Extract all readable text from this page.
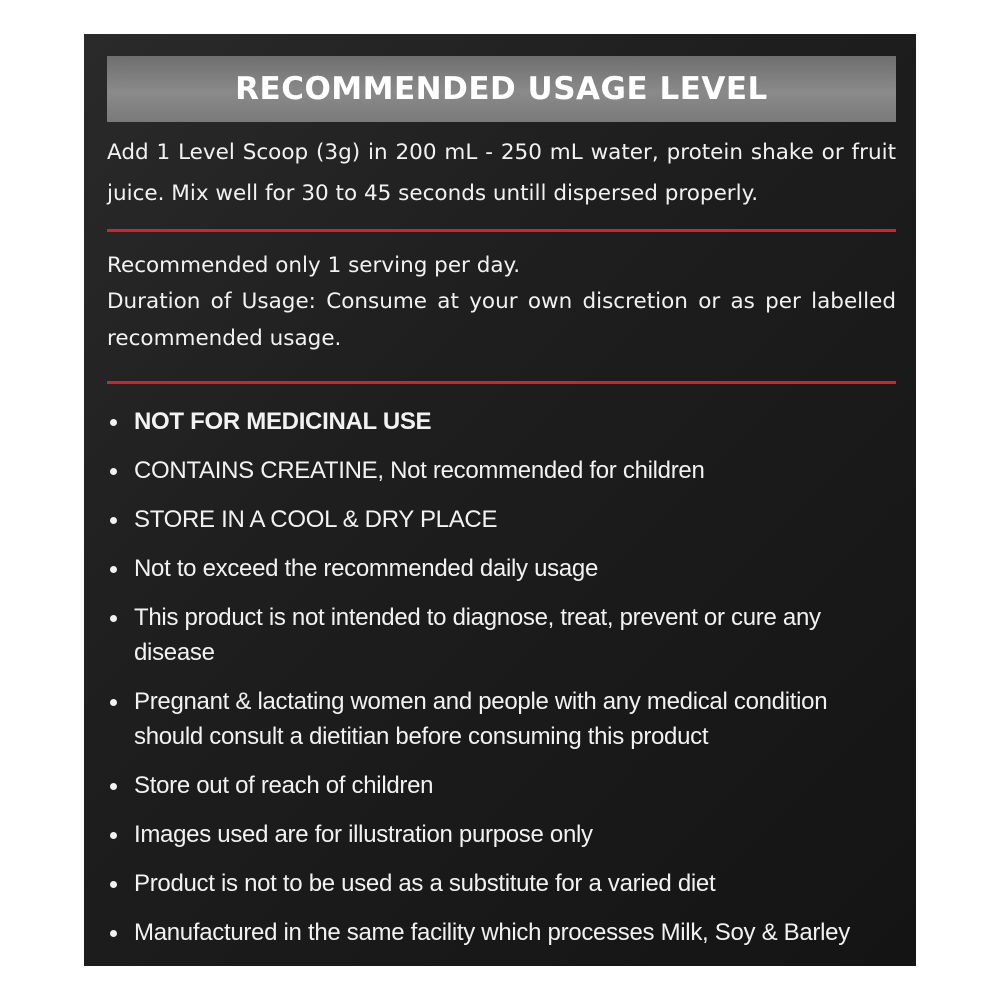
RECOMMENDED USAGE LEVEL

Add 1 Level Scoop (3g) in 200 mL - 250 mL water, protein shake or fruit juice. Mix well for 30 to 45 seconds untill dispersed properly.

Recommended only 1 serving per day.

Duration of Usage: Consume at your own discretion or as per labelled recommended usage.

NOT FOR MEDICINAL USE
CONTAINS CREATINE, Not recommended for children
STORE IN A COOL & DRY PLACE
Not to exceed the recommended daily usage
This product is not intended to diagnose, treat, prevent or cure any disease
Pregnant & lactating women and people with any medical condition should consult a dietitian before consuming this product
Store out of reach of children
Images used are for illustration purpose only
Product is not to be used as a substitute for a varied diet
Manufactured in the same facility which processes Milk, Soy & Barley
